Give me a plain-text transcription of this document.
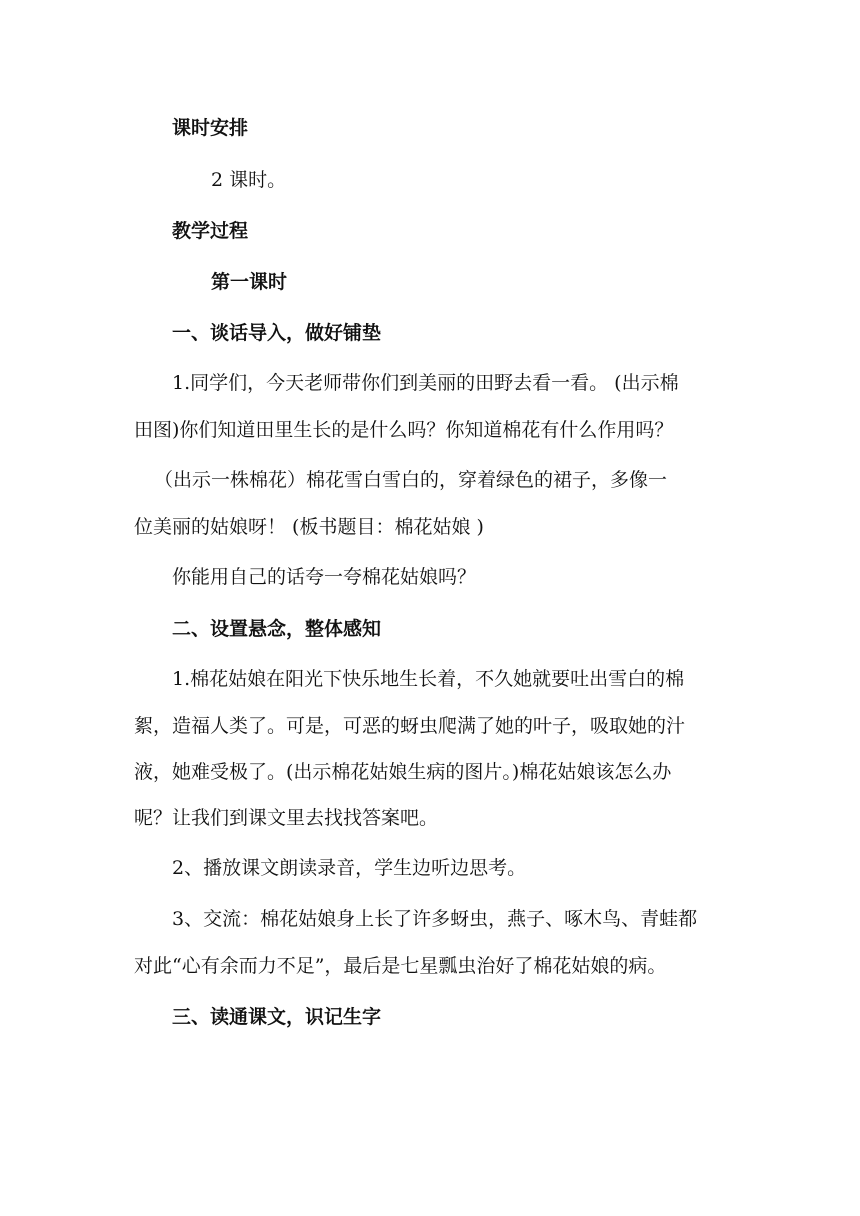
课时安排
2 课时。
教学过程
第一课时
一、谈话导入，做好铺垫
1.同学们，今天老师带你们到美丽的田野去看一看。 (出示棉
田图)你们知道田里生长的是什么吗？你知道棉花有什么作用吗？
（出示一株棉花）棉花雪白雪白的，穿着绿色的裙子，多像一
位美丽的姑娘呀！ (板书题目：棉花姑娘 )
你能用自己的话夸一夸棉花姑娘吗？
二、设置悬念，整体感知
1.棉花姑娘在阳光下快乐地生长着，不久她就要吐出雪白的棉
絮，造福人类了。可是，可恶的蚜虫爬满了她的叶子，吸取她的汁
液，她难受极了。(出示棉花姑娘生病的图片。)棉花姑娘该怎么办
呢？让我们到课文里去找找答案吧。
2、播放课文朗读录音，学生边听边思考。
3、交流：棉花姑娘身上长了许多蚜虫，燕子、啄木鸟、青蛙都
对此“心有余而力不足”，最后是七星瓢虫治好了棉花姑娘的病。
三、读通课文，识记生字
